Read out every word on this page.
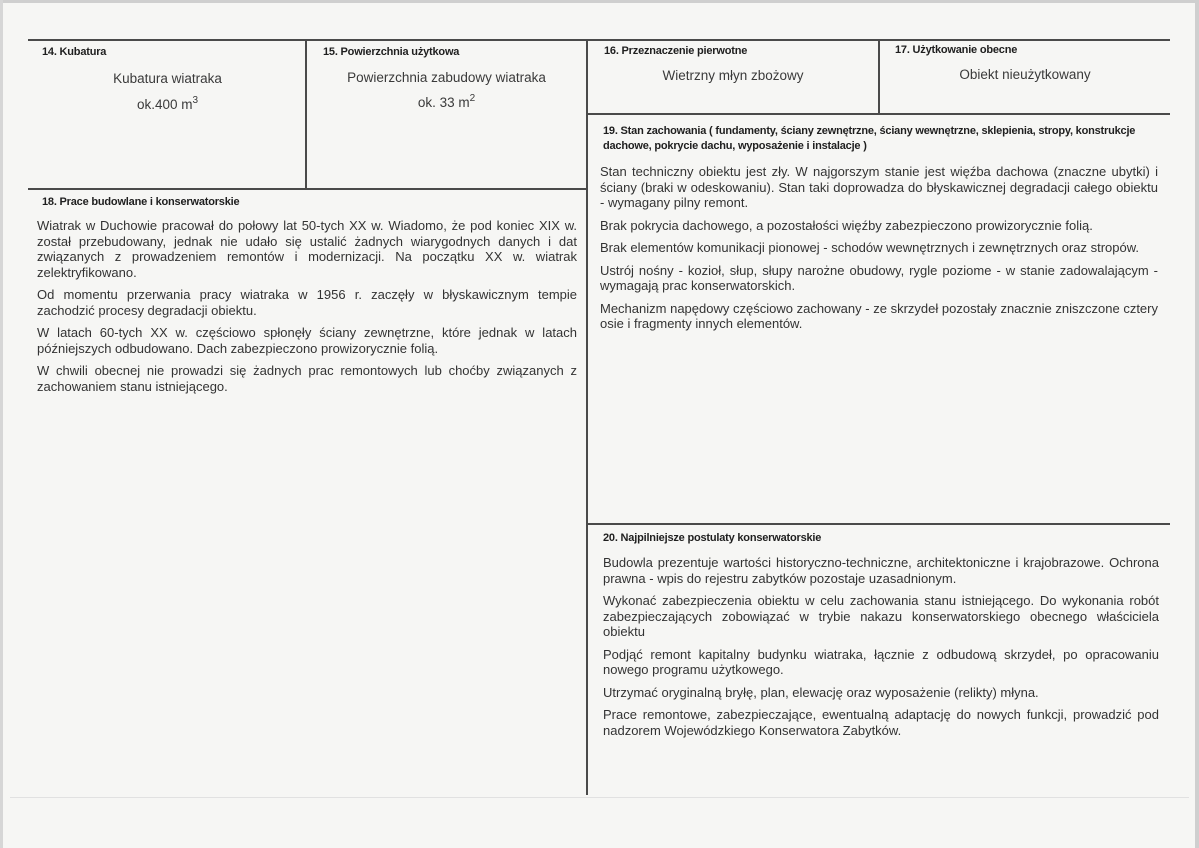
14. Kubatura
Kubatura wiatraka
ok.400 $m^3$
15. Powierzchnia użytkowa
Powierzchnia zabudowy wiatraka
ok. 33 $m^2$
16. Przeznaczenie pierwotne
Wietrzny młyn zbożowy
17. Użytkowanie obecne
Obiekt nieużytkowany
18. Prace budowlane i konserwatorskie

Wiatrak w Duchowie pracował do połowy lat 50-tych XX w. Wiadomo, że pod koniec XIX w. został przebudowany, jednak nie udało się ustalić żadnych wiarygodnych danych i dat związanych z prowadzeniem remontów i modernizacji. Na początku XX w. wiatrak zelektryfikowano.

Od momentu przerwania pracy wiatraka w 1956 r. zaczęły w błyskawicznym tempie zachodzić procesy degradacji obiektu.

W latach 60-tych XX w. częściowo spłonęły ściany zewnętrzne, które jednak w latach późniejszych odbudowano. Dach zabezpieczono prowizorycznie folią.

W chwili obecnej nie prowadzi się żadnych prac remontowych lub choćby związanych z zachowaniem stanu istniejącego.

19. Stan zachowania ( fundamenty, ściany zewnętrzne, ściany wewnętrzne, sklepienia, stropy, konstrukcje dachowe, pokrycie dachu, wyposażenie i instalacje )

Stan techniczny obiektu jest zły. W najgorszym stanie jest więźba dachowa (znaczne ubytki) i ściany (braki w odeskowaniu). Stan taki doprowadza do błyskawicznej degradacji całego obiektu - wymagany pilny remont.

Brak pokrycia dachowego, a pozostałości więźby zabezpieczono prowizorycznie folią.

Brak elementów komunikacji pionowej - schodów wewnętrznych i zewnętrznych oraz stropów.

Ustrój nośny - kozioł, słup, słupy narożne obudowy, rygle poziome - w stanie zadowalającym - wymagają prac konserwatorskich.

Mechanizm napędowy częściowo zachowany - ze skrzydeł pozostały znacznie zniszczone cztery osie i fragmenty innych elementów.

20. Najpilniejsze postulaty konserwatorskie

Budowla prezentuje wartości historyczno-techniczne, architektoniczne i krajobrazowe. Ochrona prawna - wpis do rejestru zabytków pozostaje uzasadnionym.

Wykonać zabezpieczenia obiektu w celu zachowania stanu istniejącego. Do wykonania robót zabezpieczających zobowiązać w trybie nakazu konserwatorskiego obecnego właściciela obiektu

Podjąć remont kapitalny budynku wiatraka, łącznie z odbudową skrzydeł, po opracowaniu nowego programu użytkowego.

Utrzymać oryginalną bryłę, plan, elewację oraz wyposażenie (relikty) młyna.

Prace remontowe, zabezpieczające, ewentualną adaptację do nowych funkcji, prowadzić pod nadzorem Wojewódzkiego Konserwatora Zabytków.
